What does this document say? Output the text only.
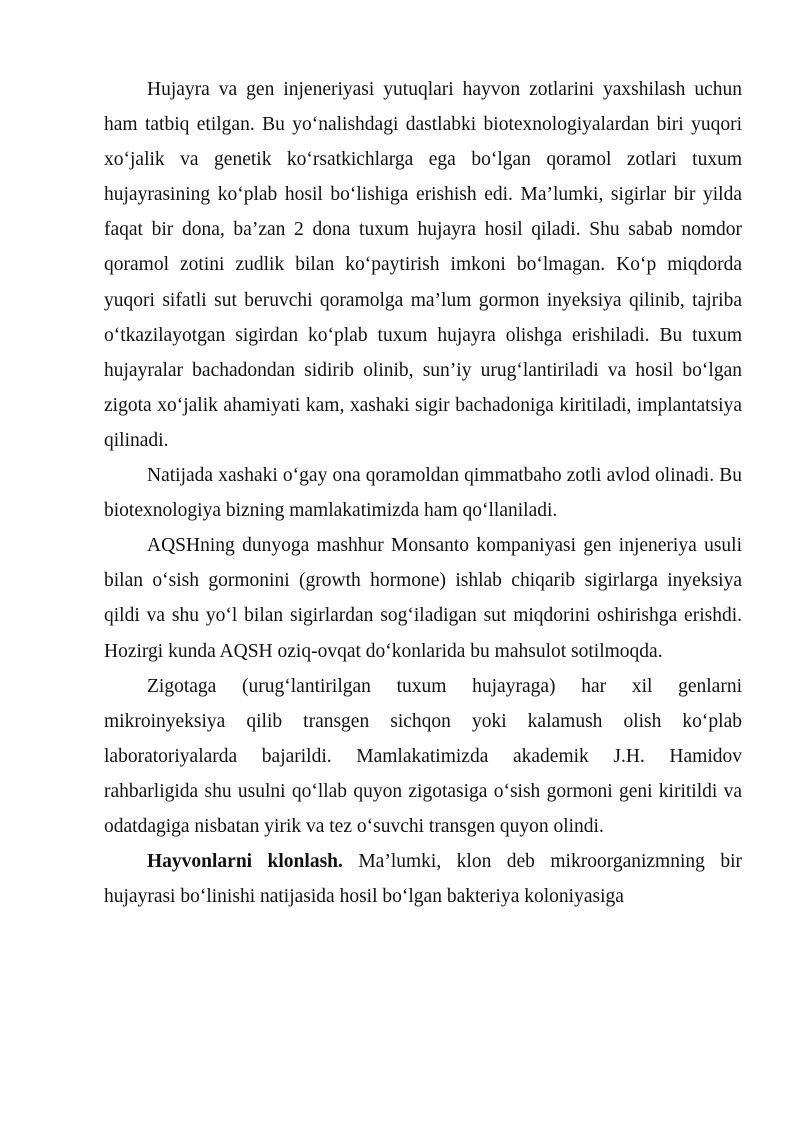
Hujayra va gen injeneriyasi yutuqlari hayvon zotlarini yaxshilash uchun ham tatbiq etilgan. Bu yo‘nalishdagi dastlabki biotexnologiyalardan biri yuqori xo‘jalik va genetik ko‘rsatkichlarga ega bo‘lgan qoramol zotlari tuxum hujayrasining ko‘plab hosil bo‘lishiga erishish edi. Ma’lumki, sigirlar bir yilda faqat bir dona, ba’zan 2 dona tuxum hujayra hosil qiladi. Shu sabab nomdor qoramol zotini zudlik bilan ko‘paytirish imkoni bo‘lmagan. Ko‘p miqdorda yuqori sifatli sut beruvchi qoramolga ma’lum gormon inyeksiya qilinib, tajriba o‘tkazilayotgan sigirdan ko‘plab tuxum hujayra olishga erishiladi. Bu tuxum hujayralar bachadondan sidirib olinib, sun’iy urug‘lantiriladi va hosil bo‘lgan zigota xo‘jalik ahamiyati kam, xashaki sigir bachadoniga kiritiladi, implantatsiya qilinadi.

Natijada xashaki o‘gay ona qoramoldan qimmatbaho zotli avlod olinadi. Bu biotexnologiya bizning mamlakatimizda ham qo‘llaniladi.

AQSHning dunyoga mashhur Monsanto kompaniyasi gen injeneriya usuli bilan o‘sish gormonini (growth hormone) ishlab chiqarib sigirlarga inyeksiya qildi va shu yo‘l bilan sigirlardan sog‘iladigan sut miqdorini oshirishga erishdi. Hozirgi kunda AQSH oziq-ovqat do‘konlarida bu mahsulot sotilmoqda.

Zigotaga (urug‘lantirilgan tuxum hujayraga) har xil genlarni mikroinyeksiya qilib transgen sichqon yoki kalamush olish ko‘plab laboratoriyalarda bajarildi. Mamlakatimizda akademik J.H. Hamidov rahbarligida shu usulni qo‘llab quyon zigotasiga o‘sish gormoni geni kiritildi va odatdagiga nisbatan yirik va tez o‘suvchi transgen quyon olindi.

Hayvonlarni klonlash. Ma’lumki, klon deb mikroorganizmning bir hujayrasi bo‘linishi natijasida hosil bo‘lgan bakteriya koloniyasiga
